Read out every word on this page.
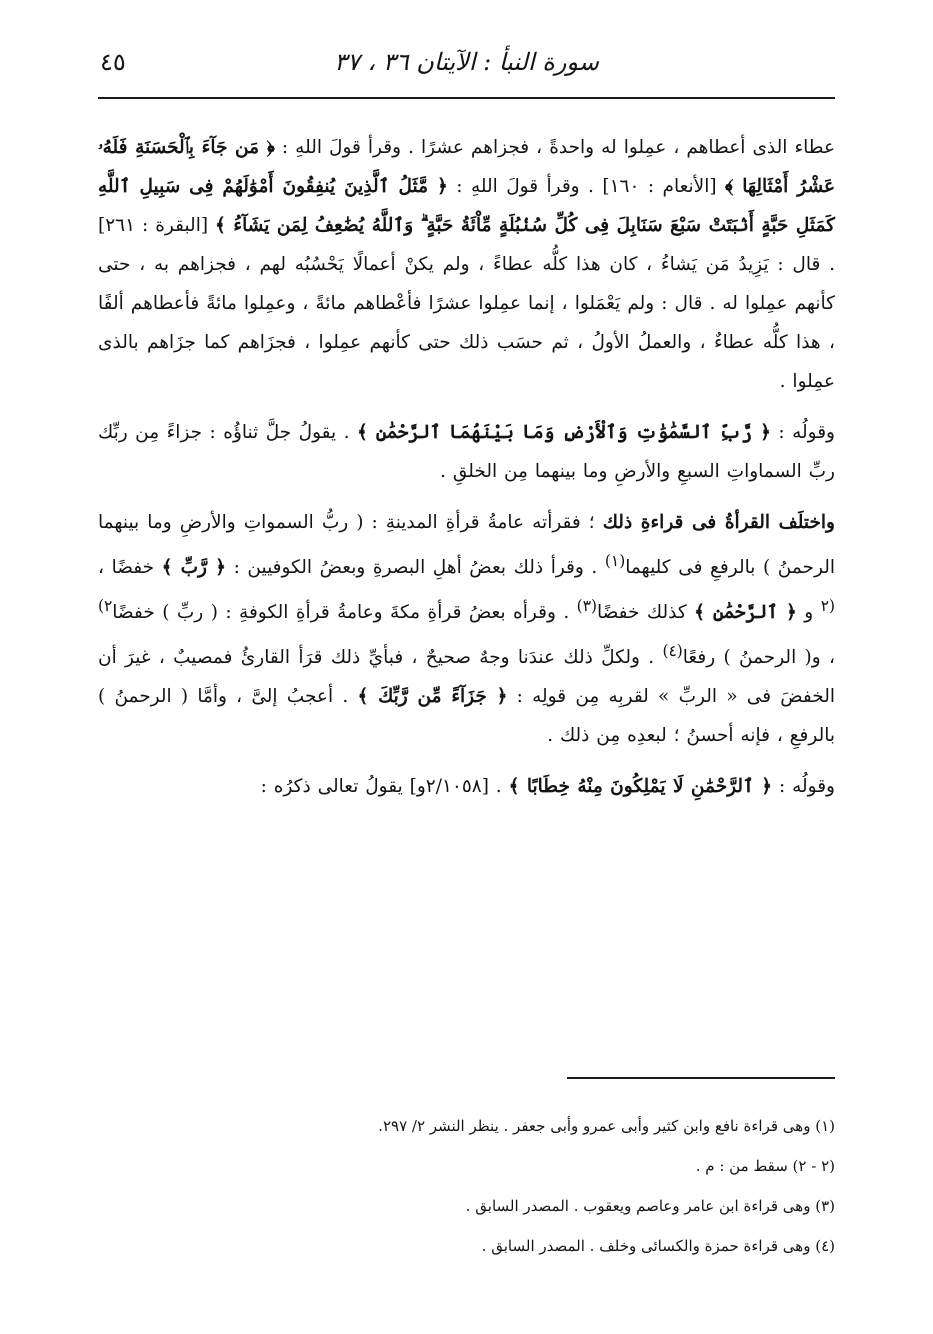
سورة النبأ : الآيتان ٣٦ ، ٣٧
٤٥

عطاء الذى أعطاهم ، عمِلوا له واحدةً ، فجزاهم عشرًا . وقرأ قولَ اللهِ : ﴿ مَن جَآءَ بِٱلْحَسَنَةِ فَلَهُۥ عَشْرُ أَمْثَالِهَا ﴾ [الأنعام : ١٦٠] . وقرأ قولَ اللهِ : ﴿ مَّثَلُ ٱلَّذِينَ يُنفِقُونَ أَمْوَٰلَهُمْ فِى سَبِيلِ ٱللَّهِ كَمَثَلِ حَبَّةٍ أَنۢبَتَتْ سَبْعَ سَنَابِلَ فِى كُلِّ سُنۢبُلَةٍ مِّاْئَةُ حَبَّةٍ ۗ وَٱللَّهُ يُضَٰعِفُ لِمَن يَشَآءُ ﴾ [البقرة : ٢٦١] . قال : يَزِيدُ مَن يَشاءُ ، كان هذا كلُّه عطاءً ، ولم يكنْ أعمالًا يَحْسُبُه لهم ، فجزاهم به ، حتى كأنهم عمِلوا له . قال : ولم يَعْمَلوا ، إنما عمِلوا عشرًا فأعْطاهم مائةً ، وعمِلوا مائةً فأعطاهم ألفًا ، هذا كلُّه عطاءٌ ، والعملُ الأولُ ، ثم حسَب ذلك حتى كأنهم عمِلوا ، فجزَاهم كما جزَاهم بالذى عمِلوا .

وقولُه : ﴿ رَّبِّ ٱلسَّمَٰوَٰتِ وَٱلْأَرْضِ وَمَا بَيْنَهُمَا ٱلرَّحْمَٰنِ ﴾ . يقولُ جلَّ ثناؤُه : جزاءً مِن ربِّك ربِّ السماواتِ السبعِ والأرضِ وما بينهما مِن الخلقِ .

واختلَف القرأةُ فى قراءةِ ذلك ؛ فقرأته عامةُ قرأةِ المدينةِ : ( ربُّ السمواتِ والأرضِ وما بينهما الرحمنُ ) بالرفعِ فى كليهما$^{(١)}$ . وقرأ ذلك بعضُ أهلِ البصرةِ وبعضُ الكوفيين : ﴿ رَّبِّ ﴾ خفضًا ، $^{(٢}$ و ﴿ ٱلرَّحْمَٰنِ ﴾ كذلك خفضًا$^{(٣)}$ . وقرأه بعضُ قرأةِ مكةَ وعامةُ قرأةِ الكوفةِ : ( ربِّ ) خفضًا$^{٢)}$ ، و( الرحمنُ ) رفعًا$^{(٤)}$ . ولكلِّ ذلك عندَنا وجهٌ صحيحٌ ، فبأيِّ ذلك قرَأ القارئُ فمصيبٌ ، غيرَ أن الخفضَ فى « الربِّ » لقربِه مِن قولِه : ﴿ جَزَآءً مِّن رَّبِّكَ ﴾ . أعجبُ إلىَّ ، وأمَّا ( الرحمنُ ) بالرفعِ ، فإنه أحسنُ ؛ لبعدِه مِن ذلك .

وقولُه : ﴿ ٱلرَّحْمَٰنِ لَا يَمْلِكُونَ مِنْهُ خِطَابًا ﴾ . [٢/١٠٥٨و] يقولُ تعالى ذكرُه :

(١) وهى قراءة نافع وابن كثير وأبى عمرو وأبى جعفر . ينظر النشر ٢/ ٢٩٧.

(٢ - ٢) سقط من : م .

(٣) وهى قراءة ابن عامر وعاصم ويعقوب . المصدر السابق .

(٤) وهى قراءة حمزة والكسائى وخلف . المصدر السابق .
